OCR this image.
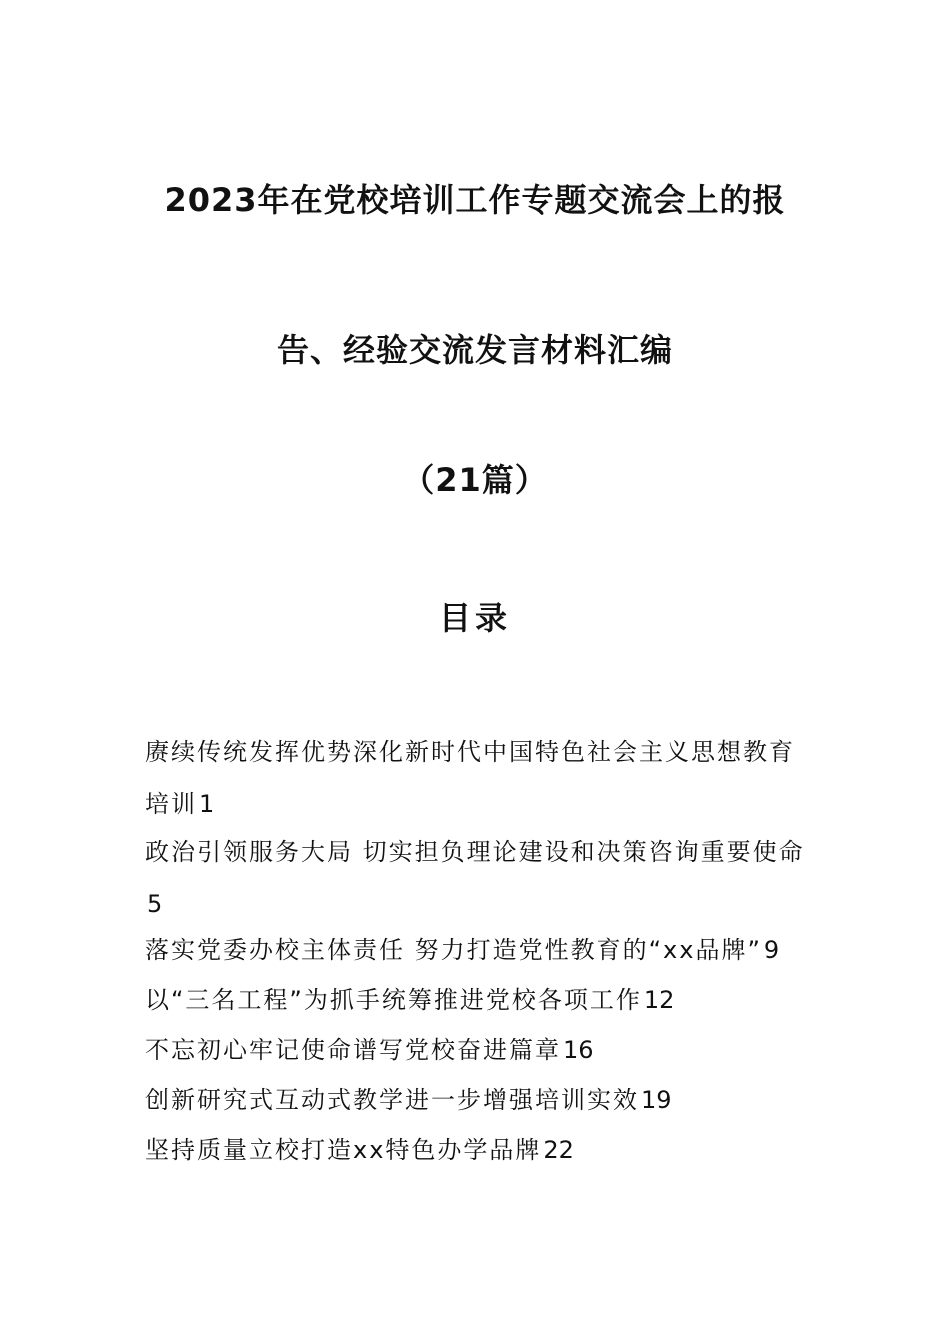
2023年在党校培训工作专题交流会上的报
告、经验交流发言材料汇编
（21篇）
目录
赓续传统发挥优势深化新时代中国特色社会主义思想教育培训1
政治引领服务大局 切实担负理论建设和决策咨询重要使命5
落实党委办校主体责任 努力打造党性教育的“xx品牌”9
以“三名工程”为抓手统筹推进党校各项工作12
不忘初心牢记使命谱写党校奋进篇章16
创新研究式互动式教学进一步增强培训实效19
坚持质量立校打造xx特色办学品牌22
